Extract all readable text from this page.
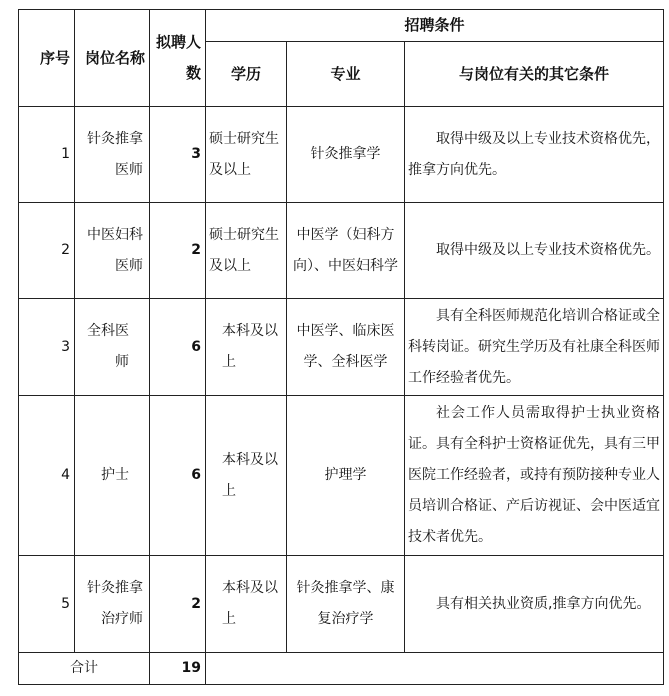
序号	岗位名称	拟聘人数	招聘条件		
			学历	专业	与岗位有关的其它条件
1	针灸推拿医师	3	硕士研究生及以上	针灸推拿学	取得中级及以上专业技术资格优先，推拿方向优先。
2	中医妇科医师	2	硕士研究生及以上	中医学（妇科方向）、中医妇科学	取得中级及以上专业技术资格优先。
3	全科医师	6	本科及以上	中医学、临床医学、全科医学	具有全科医师规范化培训合格证或全科转岗证。研究生学历及有社康全科医师工作经验者优先。
4	护士	6	本科及以上	护理学	社会工作人员需取得护士执业资格证。具有全科护士资格证优先，具有三甲医院工作经验者，或持有预防接种专业人员培训合格证、产后访视证、会中医适宜技术者优先。
5	针灸推拿治疗师	2	本科及以上	针灸推拿学、康复治疗学	具有相关执业资质,推拿方向优先。
合计		19			
